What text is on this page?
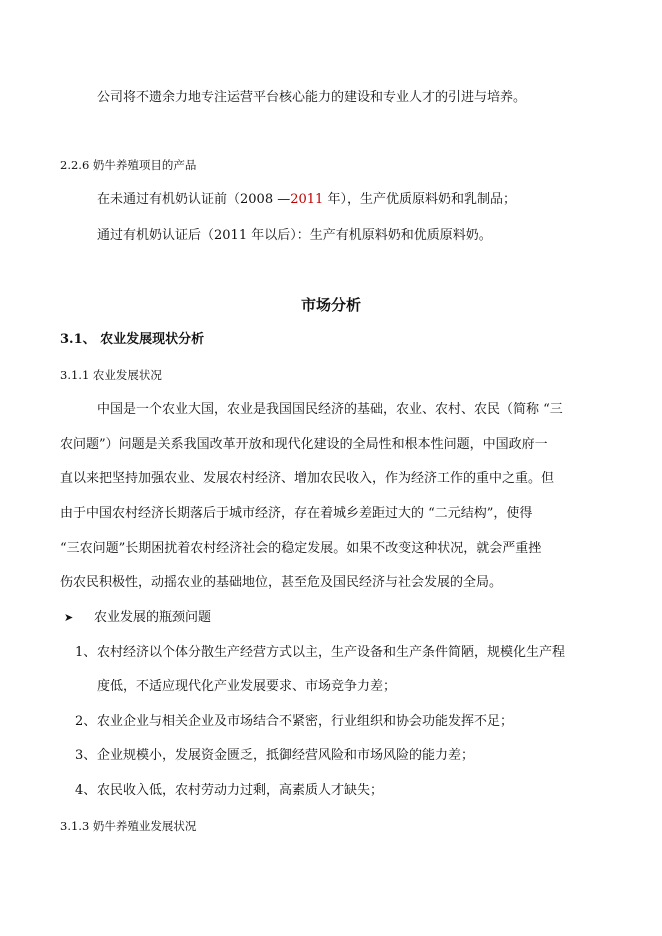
公司将不遗余力地专注运营平台核心能力的建设和专业人才的引进与培养。
2.2.6 奶牛养殖项目的产品
在未通过有机奶认证前（2008 —2011 年），生产优质原料奶和乳制品；
通过有机奶认证后（2011 年以后）：生产有机原料奶和优质原料奶。
市场分析
3.1、 农业发展现状分析
3.1.1 农业发展状况
中国是一个农业大国，农业是我国国民经济的基础，农业、农村、农民（简称 “三
农问题”）问题是关系我国改革开放和现代化建设的全局性和根本性问题，中国政府一
直以来把坚持加强农业、发展农村经济、增加农民收入，作为经济工作的重中之重。但
由于中国农村经济长期落后于城市经济，存在着城乡差距过大的 “二元结构”，使得
“三农问题”长期困扰着农村经济社会的稳定发展。如果不改变这种状况，就会严重挫
伤农民积极性，动摇农业的基础地位，甚至危及国民经济与社会发展的全局。
➤ 农业发展的瓶颈问题
1、 农村经济以个体分散生产经营方式以主，生产设备和生产条件简陋，规模化生产程
度低，不适应现代化产业发展要求、市场竞争力差；
2、 农业企业与相关企业及市场结合不紧密，行业组织和协会功能发挥不足；
3、 企业规模小，发展资金匮乏，抵御经营风险和市场风险的能力差；
4、 农民收入低，农村劳动力过剩，高素质人才缺失；
3.1.3 奶牛养殖业发展状况
